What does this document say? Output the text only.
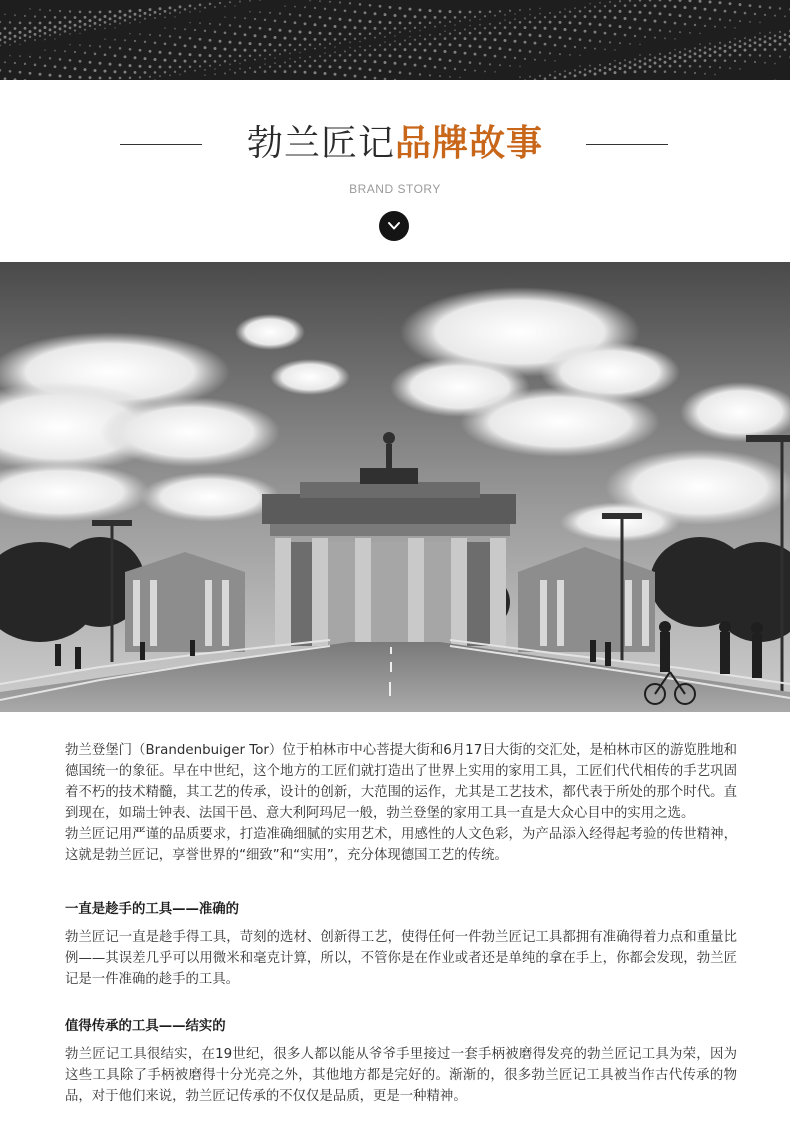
勃兰匠记品牌故事
BRAND STORY

勃兰登堡门（Brandenbuiger Tor）位于柏林市中心菩提大街和6月17日大街的交汇处，是柏林市区的游览胜地和德国统一的象征。早在中世纪，这个地方的工匠们就打造出了世界上实用的家用工具，工匠们代代相传的手艺巩固着不朽的技术精髓，其工艺的传承，设计的创新，大范围的运作，尤其是工艺技术，都代表于所处的那个时代。直到现在，如瑞士钟表、法国干邑、意大利阿玛尼一般，勃兰登堡的家用工具一直是大众心目中的实用之选。

勃兰匠记用严谨的品质要求，打造准确细腻的实用艺术，用感性的人文色彩，为产品添入经得起考验的传世精神，这就是勃兰匠记，享誉世界的“细致”和“实用”，充分体现德国工艺的传统。

一直是趁手的工具——准确的

勃兰匠记一直是趁手得工具，苛刻的选材、创新得工艺，使得任何一件勃兰匠记工具都拥有准确得着力点和重量比例——其误差几乎可以用微米和毫克计算，所以，不管你是在作业或者还是单纯的拿在手上，你都会发现，勃兰匠记是一件准确的趁手的工具。

值得传承的工具——结实的

勃兰匠记工具很结实，在19世纪，很多人都以能从爷爷手里接过一套手柄被磨得发亮的勃兰匠记工具为荣，因为这些工具除了手柄被磨得十分光亮之外，其他地方都是完好的。渐渐的，很多勃兰匠记工具被当作古代传承的物品，对于他们来说，勃兰匠记传承的不仅仅是品质，更是一种精神。
